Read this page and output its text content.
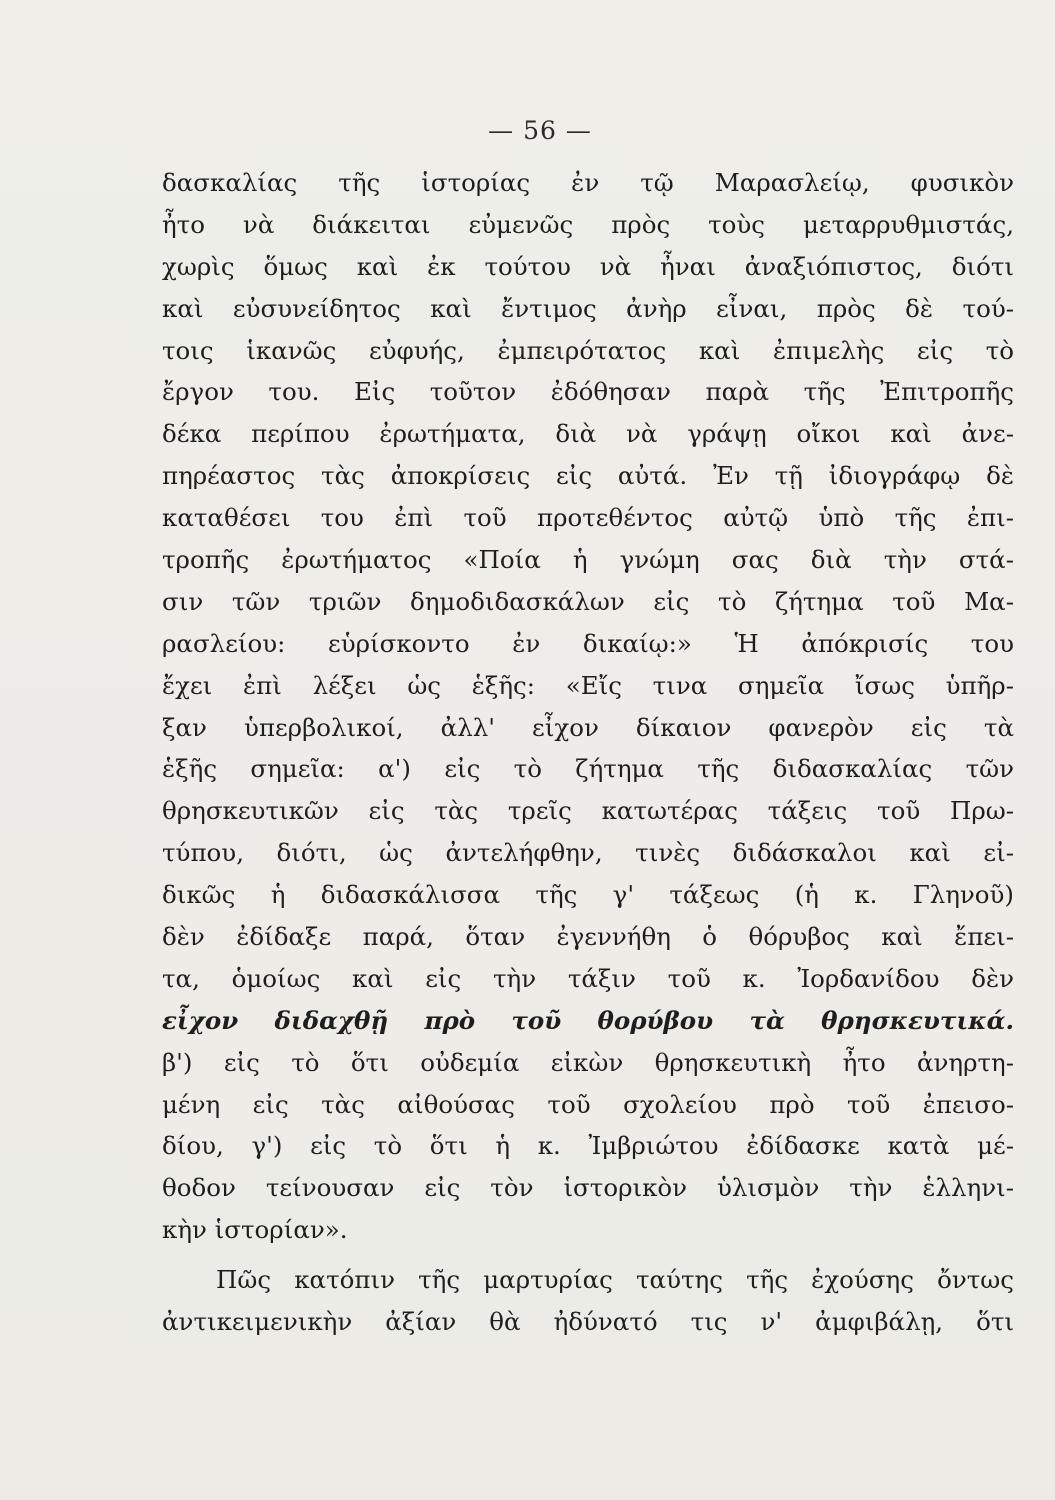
— 56 —
δασκαλίας τῆς ἱστορίας ἐν τῷ Μαρασλείῳ, φυσικὸν
ἦτο νὰ διάκειται εὐμενῶς πρὸς τοὺς μεταρρυθμιστάς,
χωρὶς ὅμως καὶ ἐκ τούτου νὰ ἦναι ἀναξιόπιστος, διότι
καὶ εὐσυνείδητος καὶ ἔντιμος ἀνὴρ εἶναι, πρὸς δὲ τού-
τοις ἱκανῶς εὐφυής, ἐμπειρότατος καὶ ἐπιμελὴς εἰς τὸ
ἔργον του. Εἰς τοῦτον ἐδόθησαν παρὰ τῆς Ἐπιτροπῆς
δέκα περίπου ἐρωτήματα, διὰ νὰ γράψῃ οἴκοι καὶ ἀνε-
πηρέαστος τὰς ἀποκρίσεις εἰς αὐτά. Ἐν τῇ ἰδιογράφῳ δὲ
καταθέσει του ἐπὶ τοῦ προτεθέντος αὐτῷ ὑπὸ τῆς ἐπι-
τροπῆς ἐρωτήματος «Ποία ἡ γνώμη σας διὰ τὴν στά-
σιν τῶν τριῶν δημοδιδασκάλων εἰς τὸ ζήτημα τοῦ Μα-
ρασλείου: εὑρίσκοντο ἐν δικαίῳ:» Ἡ ἀπόκρισίς του
ἔχει ἐπὶ λέξει ὡς ἑξῆς: «Εἴς τινα σημεῖα ἴσως ὑπῆρ-
ξαν ὑπερβολικοί, ἀλλ' εἶχον δίκαιον φανερὸν εἰς τὰ
ἑξῆς σημεῖα: α') εἰς τὸ ζήτημα τῆς διδασκαλίας τῶν
θρησκευτικῶν εἰς τὰς τρεῖς κατωτέρας τάξεις τοῦ Πρω-
τύπου, διότι, ὡς ἀντελήφθην, τινὲς διδάσκαλοι καὶ εἰ-
δικῶς ἡ διδασκάλισσα τῆς γ' τάξεως (ἡ κ. Γληνοῦ)
δὲν ἐδίδαξε παρά, ὅταν ἐγεννήθη ὁ θόρυβος καὶ ἔπει-
τα, ὁμοίως καὶ εἰς τὴν τάξιν τοῦ κ. Ἰορδανίδου δὲν
εἶχον διδαχθῇ πρὸ τοῦ θορύβου τὰ θρησκευτικά.
β') εἰς τὸ ὅτι οὐδεμία εἰκὼν θρησκευτικὴ ἦτο ἀνηρτη-
μένη εἰς τὰς αἰθούσας τοῦ σχολείου πρὸ τοῦ ἐπεισο-
δίου, γ') εἰς τὸ ὅτι ἡ κ. Ἰμβριώτου ἐδίδασκε κατὰ μέ-
θοδον τείνουσαν εἰς τὸν ἱστορικὸν ὑλισμὸν τὴν ἑλληνι-
κὴν ἱστορίαν».
Πῶς κατόπιν τῆς μαρτυρίας ταύτης τῆς ἐχούσης ὄντως
ἀντικειμενικὴν ἀξίαν θὰ ἠδύνατό τις ν' ἀμφιβάλῃ, ὅτι
